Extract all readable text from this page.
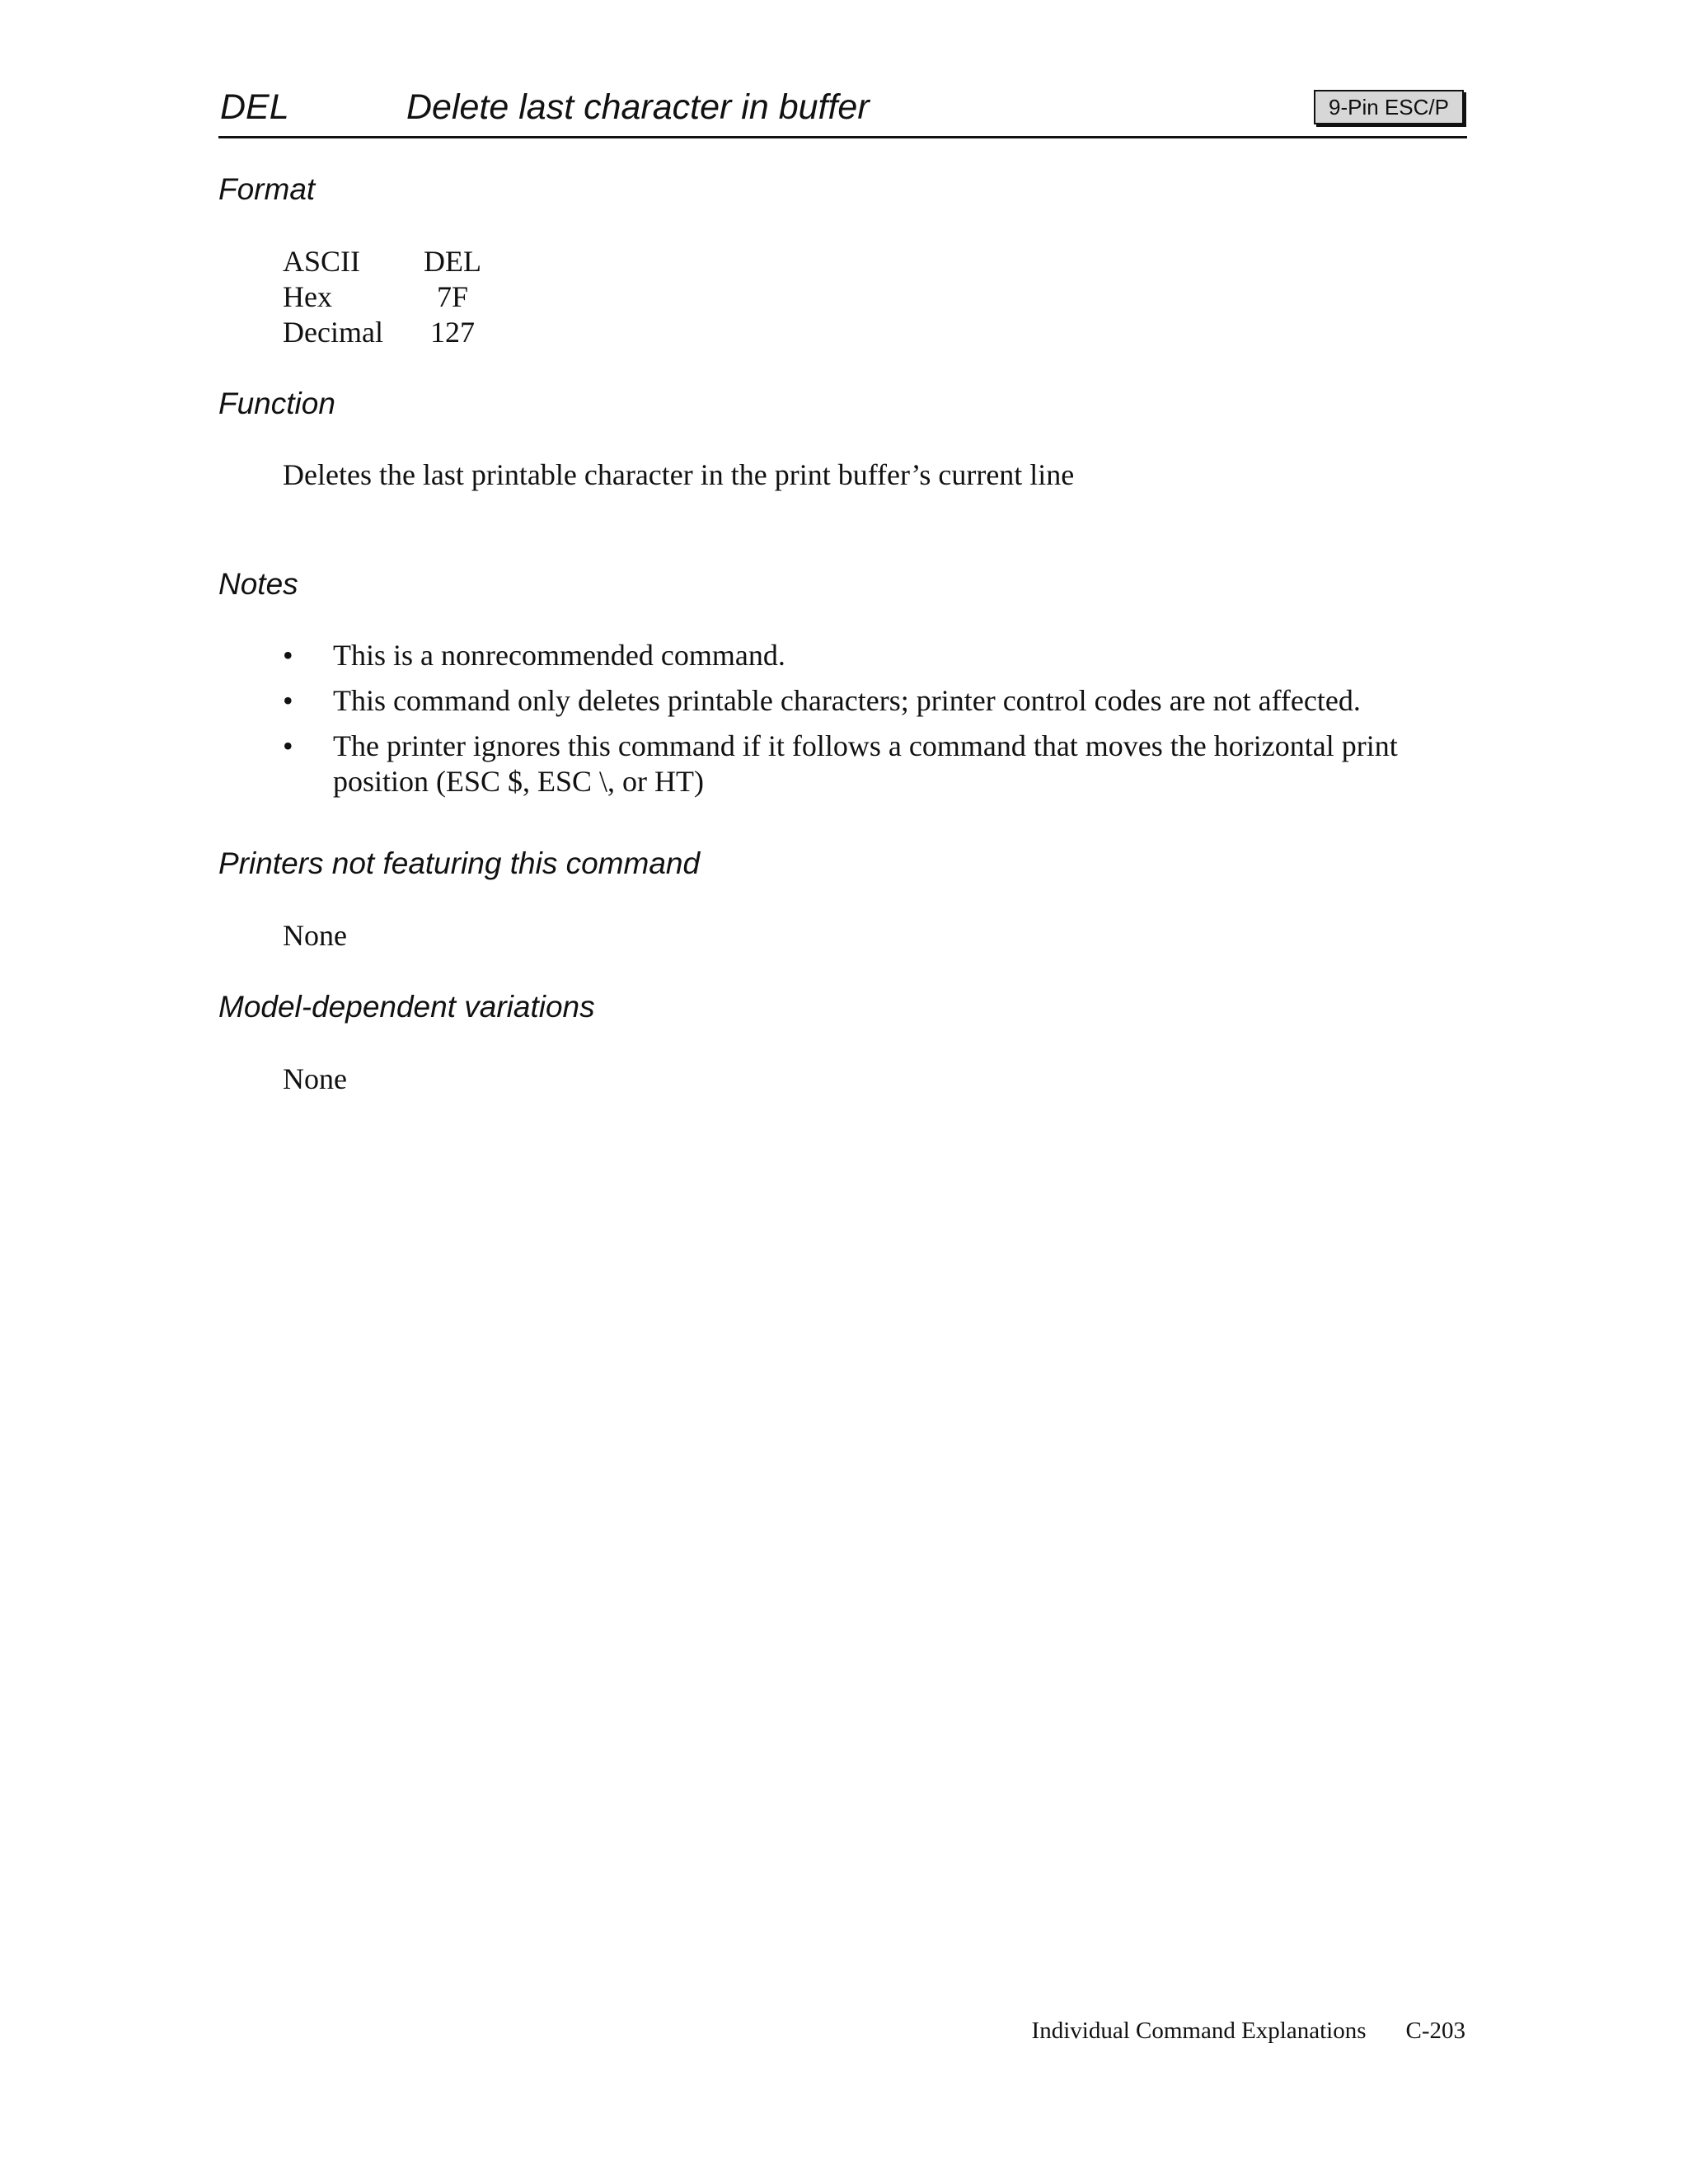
DEL	Delete last character in buffer	9-Pin ESC/P
Format
ASCII	DEL
Hex	7F
Decimal	127
Function

Deletes the last printable character in the print buffer’s current line

Notes
• This is a nonrecommended command.
• This command only deletes printable characters; printer control codes are not affected.
• The printer ignores this command if it follows a command that moves the horizontal print position (ESC $, ESC \, or HT)
Printers not featuring this command

None

Model-dependent variations

None

Individual Command Explanations C-203
